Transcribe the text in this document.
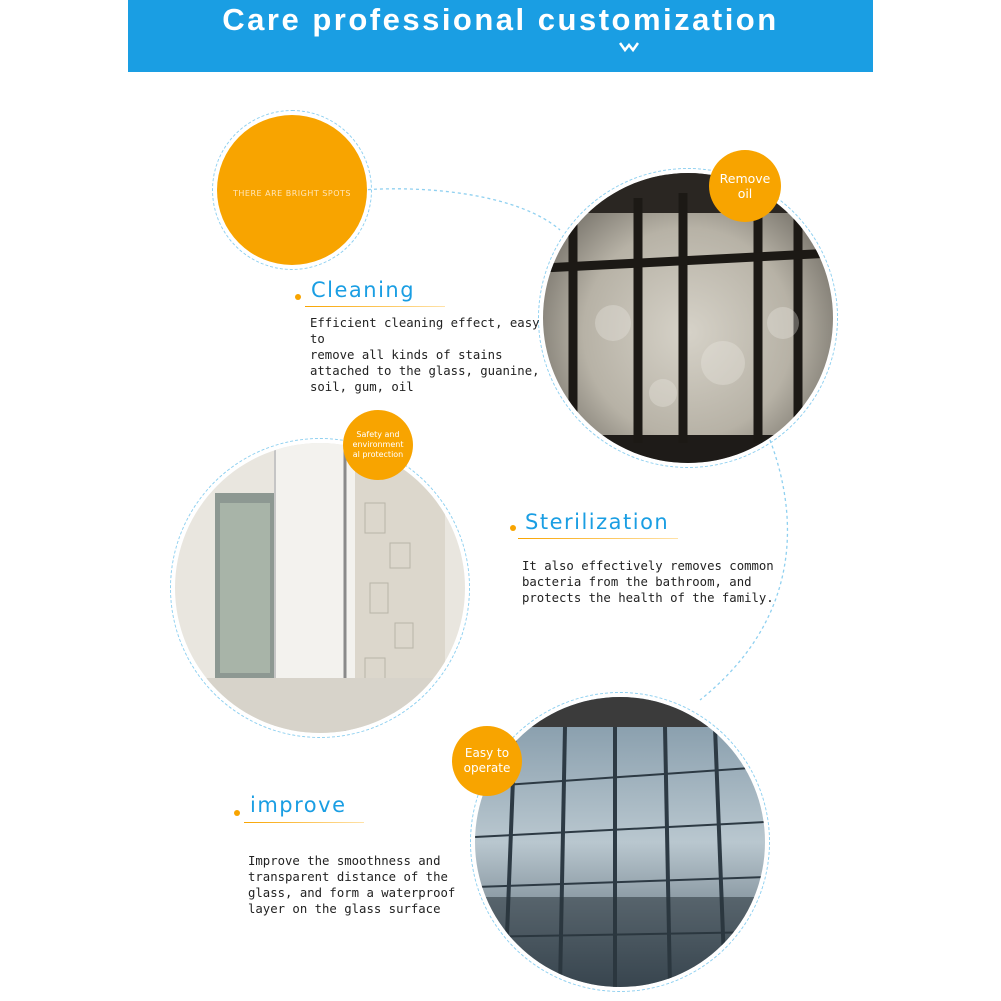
Care professional customization
THERE ARE BRIGHT SPOTS
Remove
oil
Safety and
environment
al protection
Easy to
operate
Cleaning
Efficient cleaning effect, easy to
remove all kinds of stains
attached to the glass, guanine,
soil, gum, oil
Sterilization
It also effectively removes common
bacteria from the bathroom, and
protects the health of the family.
improve
Improve the smoothness and
transparent distance of the
glass, and form a waterproof
layer on the glass surface
